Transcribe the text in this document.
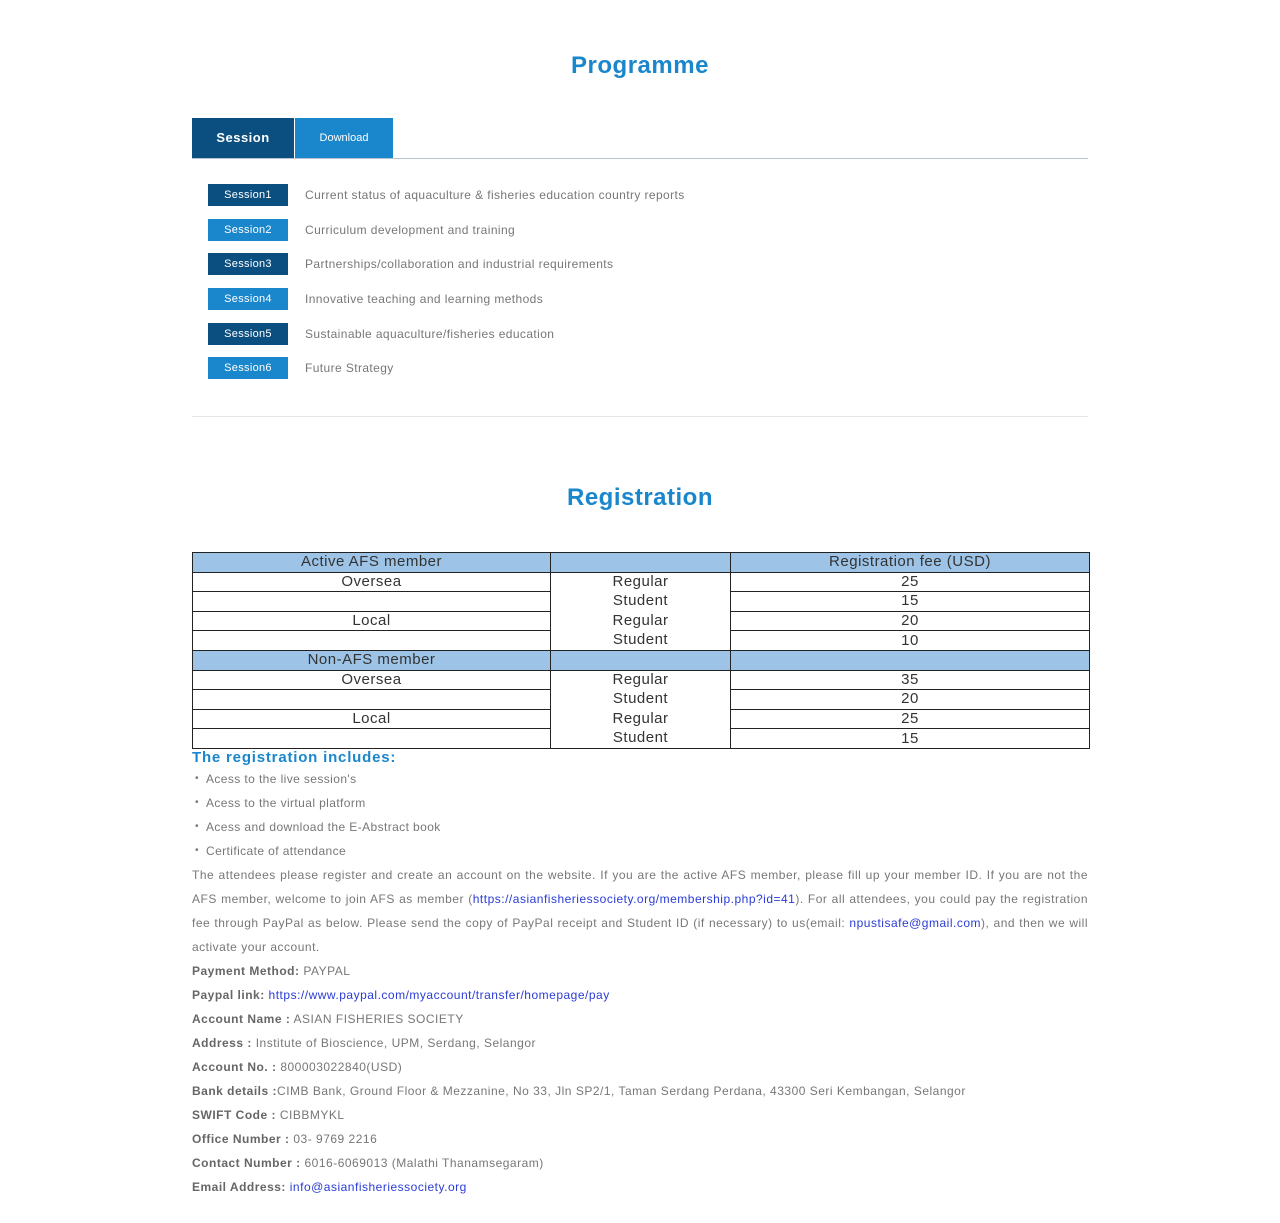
Programme
Session	Download
Session1	Current status of aquaculture & fisheries education country reports
Session2	Curriculum development and training
Session3	Partnerships/collaboration and industrial requirements
Session4	Innovative teaching and learning methods
Session5	Sustainable aquaculture/fisheries education
Session6	Future Strategy
Registration
Active AFS member		Registration fee (USD)
Oversea	Regular	25
	Student	15
Local	Regular	20
	Student	10
Non-AFS member		
Oversea	Regular	35
	Student	20
Local	Regular	25
	Student	15
The registration includes:
• Acess to the live session's
• Acess to the virtual platform
• Acess and download the E-Abstract book
• Certificate of attendance
The attendees please register and create an account on the website. If you are the active AFS member, please fill up your member ID. If you are not the AFS member, welcome to join AFS as member (https://asianfisheriessociety.org/membership.php?id=41). For all attendees, you could pay the registration fee through PayPal as below. Please send the copy of PayPal receipt and Student ID (if necessary) to us(email: npustisafe@gmail.com), and then we will activate your account.
Payment Method: PAYPAL
Paypal link: https://www.paypal.com/myaccount/transfer/homepage/pay
Account Name : ASIAN FISHERIES SOCIETY
Address : Institute of Bioscience, UPM, Serdang, Selangor
Account No. : 800003022840(USD)
Bank details :CIMB Bank, Ground Floor & Mezzanine, No 33, Jln SP2/1, Taman Serdang Perdana, 43300 Seri Kembangan, Selangor
SWIFT Code : CIBBMYKL
Office Number : 03- 9769 2216
Contact Number : 6016-6069013 (Malathi Thanamsegaram)
Email Address: info@asianfisheriessociety.org
